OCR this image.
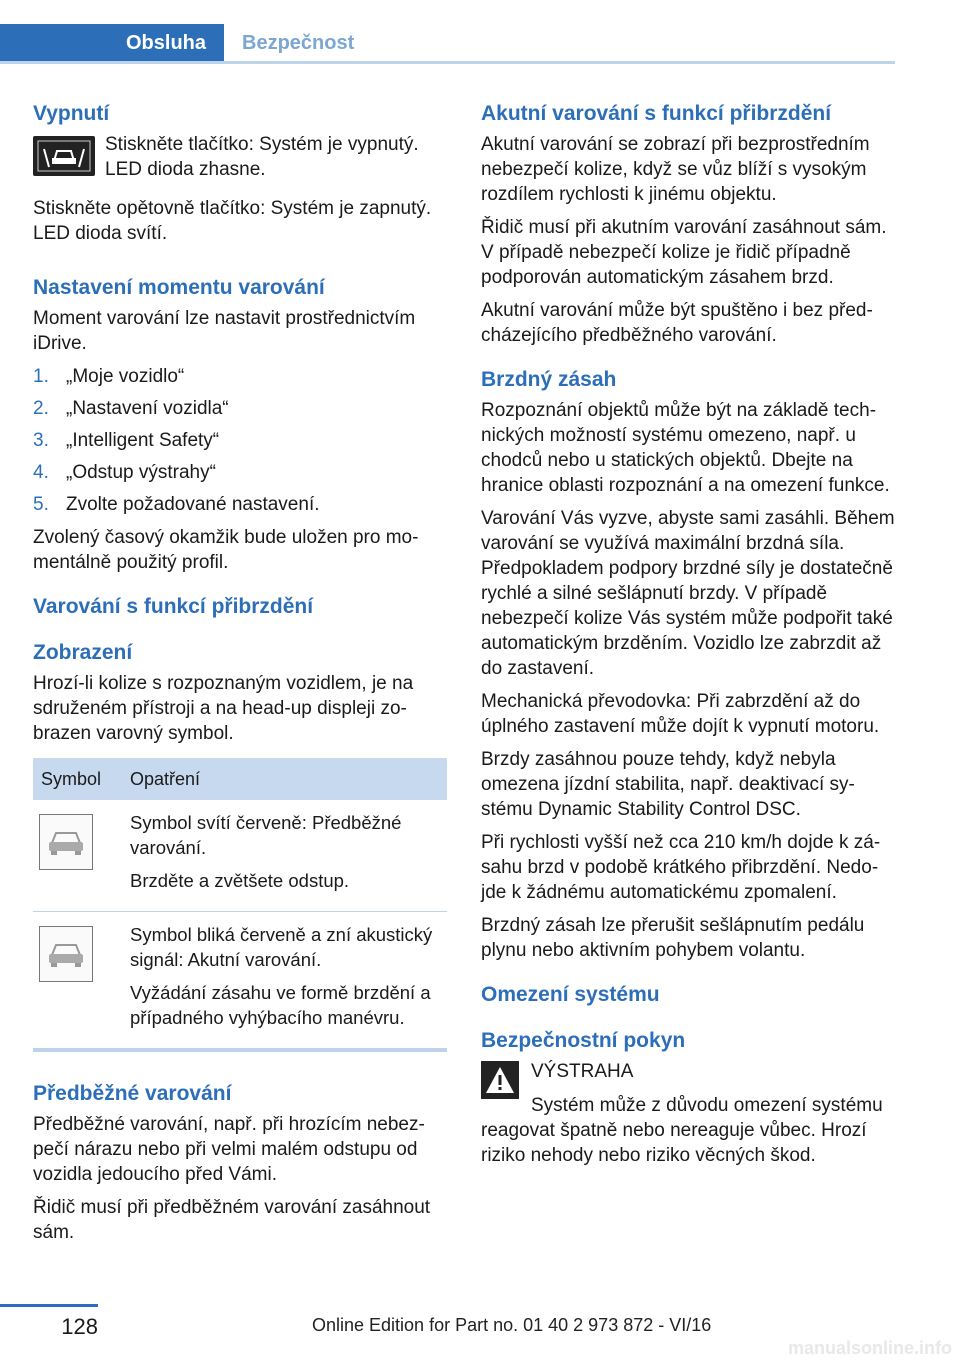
Obsluha	Bezpečnost
Vypnutí

Stiskněte tlačítko: Systém je vypnutý. LED dioda zhasne.

Stiskněte opětovně tlačítko: Systém je zapnutý. LED dioda svítí.

Nastavení momentu varování

Moment varování lze nastavit prostřednictvím iDrive.

1. „Moje vozidlo“
2. „Nastavení vozidla“
3. „Intelligent Safety“
4. „Odstup výstrahy“
5. Zvolte požadované nastavení.

Zvolený časový okamžik bude uložen pro momentálně použitý profil.

Varování s funkcí přibrzdění
Zobrazení

Hrozí-li kolize s rozpoznaným vozidlem, je na sdruženém přístroji a na head-up displeji zobrazen varovný symbol.

Symbol	Opatření

Symbol svítí červeně: Předběžné varování.

Brzděte a zvětšete odstup.

Symbol bliká červeně a zní akustický signál: Akutní varování.

Vyžádání zásahu ve formě brzdění a případného vyhýbacího manévru.

Předběžné varování

Předběžné varování, např. při hrozícím nebezpečí nárazu nebo při velmi malém odstupu od vozidla jedoucího před Vámi.

Řidič musí při předběžném varování zasáhnout sám.

Akutní varování s funkcí přibrzdění

Akutní varování se zobrazí při bezprostředním nebezpečí kolize, když se vůz blíží s vysokým rozdílem rychlosti k jinému objektu.

Řidič musí při akutním varování zasáhnout sám. V případě nebezpečí kolize je řidič případně podporován automatickým zásahem brzd.

Akutní varování může být spuštěno i bez předcházejícího předběžného varování.

Brzdný zásah

Rozpoznání objektů může být na základě technických možností systému omezeno, např. u chodců nebo u statických objektů. Dbejte na hranice oblasti rozpoznání a na omezení funkce.

Varování Vás vyzve, abyste sami zasáhli. Během varování se využívá maximální brzdná síla. Předpokladem podpory brzdné síly je dostatečně rychlé a silné sešlápnutí brzdy. V případě nebezpečí kolize Vás systém může podpořit také automatickým brzděním. Vozidlo lze zabrzdit až do zastavení.

Mechanická převodovka: Při zabrzdění až do úplného zastavení může dojít k vypnutí motoru.

Brzdy zasáhnou pouze tehdy, když nebyla omezena jízdní stabilita, např. deaktivací systému Dynamic Stability Control DSC.

Při rychlosti vyšší než cca 210 km/h dojde k zásahu brzd v podobě krátkého přibrzdění. Nedojde k žádnému automatickému zpomalení.

Brzdný zásah lze přerušit sešlápnutím pedálu plynu nebo aktivním pohybem volantu.

Omezení systému
Bezpečnostní pokyn

VÝSTRAHA

Systém může z důvodu omezení systému reagovat špatně nebo nereaguje vůbec. Hrozí riziko nehody nebo riziko věcných škod.

128	Online Edition for Part no. 01 40 2 973 872 - VI/16
manualsonline.info
